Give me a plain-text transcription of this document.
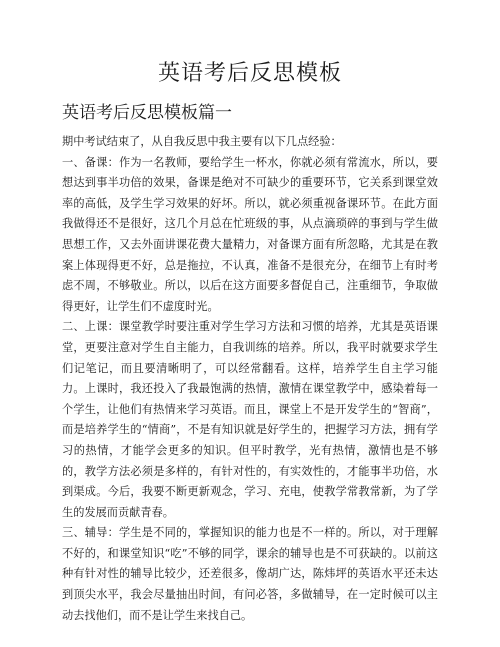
英语考后反思模板
英语考后反思模板篇一

期中考试结束了，从自我反思中我主要有以下几点经验：

一、备课：作为一名教师，要给学生一杯水，你就必须有常流水，所以，要想达到事半功倍的效果，备课是绝对不可缺少的重要环节，它关系到课堂效率的高低，及学生学习效果的好坏。所以，就必须重视备课环节。在此方面我做得还不是很好，这几个月总在忙班级的事，从点滴琐碎的事到与学生做思想工作，又去外面讲课花费大量精力，对备课方面有所忽略，尤其是在教案上体现得更不好，总是拖拉，不认真，准备不是很充分，在细节上有时考虑不周，不够敬业。所以，以后在这方面要多督促自己，注重细节，争取做得更好，让学生们不虚度时光。

二、上课：课堂教学时要注重对学生学习方法和习惯的培养，尤其是英语课堂，更要注意对学生自主能力，自我训练的培养。所以，我平时就要求学生们记笔记，而且要清晰明了，可以经常翻看。这样，培养学生自主学习能力。上课时，我还投入了我最饱满的热情，激情在课堂教学中，感染着每一个学生，让他们有热情来学习英语。而且，课堂上不是开发学生的“智商”，而是培养学生的“情商”，不是有知识就是好学生的，把握学习方法，拥有学习的热情，才能学会更多的知识。但平时教学，光有热情，激情也是不够的，教学方法必须是多样的，有针对性的，有实效性的，才能事半功倍，水到渠成。今后，我要不断更新观念，学习、充电，使教学常教常新，为了学生的发展而贡献青春。

三、辅导：学生是不同的，掌握知识的能力也是不一样的。所以，对于理解不好的，和课堂知识“吃”不够的同学，课余的辅导也是不可获缺的。以前这种有针对性的辅导比较少，还差很多，像胡广达，陈炜坪的英语水平还未达到顶尖水平，我会尽量抽出时间，有问必答，多做辅导，在一定时候可以主动去找他们，而不是让学生来找自己。
